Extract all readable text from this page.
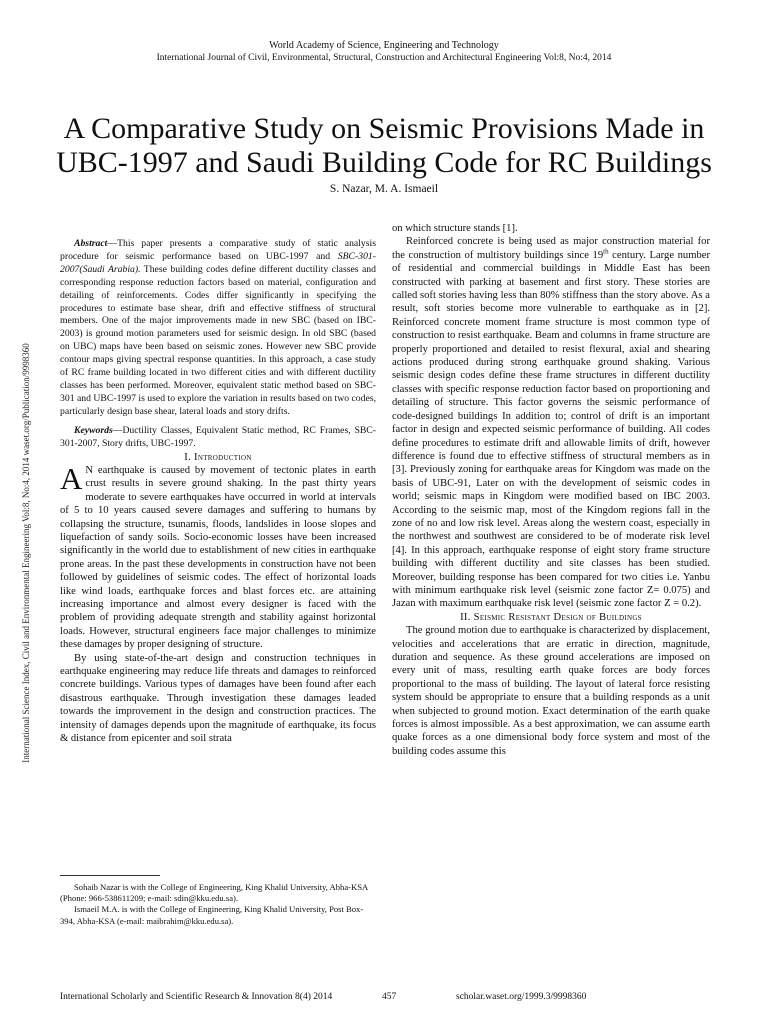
World Academy of Science, Engineering and Technology
International Journal of Civil, Environmental, Structural, Construction and Architectural Engineering Vol:8, No:4, 2014
A Comparative Study on Seismic Provisions Made in UBC-1997 and Saudi Building Code for RC Buildings
S. Nazar, M. A. Ismaeil
International Science Index, Civil and Environmental Engineering Vol:8, No:4, 2014 waset.org/Publication/9998360

Abstract—This paper presents a comparative study of static analysis procedure for seismic performance based on UBC-1997 and SBC-301-2007(Saudi Arabia). These building codes define different ductility classes and corresponding response reduction factors based on material, configuration and detailing of reinforcements. Codes differ significantly in specifying the procedures to estimate base shear, drift and effective stiffness of structural members. One of the major improvements made in new SBC (based on IBC-2003) is ground motion parameters used for seismic design. In old SBC (based on UBC) maps have been based on seismic zones. However new SBC provide contour maps giving spectral response quantities. In this approach, a case study of RC frame building located in two different cities and with different ductility classes has been performed. Moreover, equivalent static method based on SBC-301 and UBC-1997 is used to explore the variation in results based on two codes, particularly design base shear, lateral loads and story drifts.

Keywords—Ductility Classes, Equivalent Static method, RC Frames, SBC-301-2007, Story drifts, UBC-1997.

I. Introduction

A N earthquake is caused by movement of tectonic plates in earth crust results in severe ground shaking. In the past thirty years moderate to severe earthquakes have occurred in world at intervals of 5 to 10 years caused severe damages and suffering to humans by collapsing the structure, tsunamis, floods, landslides in loose slopes and liquefaction of sandy soils. Socio-economic losses have been increased significantly in the world due to establishment of new cities in earthquake prone areas. In the past these developments in construction have not been followed by guidelines of seismic codes. The effect of horizontal loads like wind loads, earthquake forces and blast forces etc. are attaining increasing importance and almost every designer is faced with the problem of providing adequate strength and stability against horizontal loads. However, structural engineers face major challenges to minimize these damages by proper designing of structure.

By using state-of-the-art design and construction techniques in earthquake engineering may reduce life threats and damages to reinforced concrete buildings. Various types of damages have been found after each disastrous earthquake. Through investigation these damages leaded towards the improvement in the design and construction practices. The intensity of damages depends upon the magnitude of earthquake, its focus & distance from epicenter and soil strata

Sohaib Nazar is with the College of Engineering, King Khalid University, Abha-KSA (Phone: 966-538611209; e-mail: sdin@kku.edu.sa).
Ismaeil M.A. is with the College of Engineering, King Khalid University, Post Box-394, Abha-KSA (e-mail: maibrahim@kku.edu.sa).

on which structure stands [1].

Reinforced concrete is being used as major construction material for the construction of multistory buildings since 19th century. Large number of residential and commercial buildings in Middle East has been constructed with parking at basement and first story. These stories are called soft stories having less than 80% stiffness than the story above. As a result, soft stories become more vulnerable to earthquake as in [2]. Reinforced concrete moment frame structure is most common type of construction to resist earthquake. Beam and columns in frame structure are properly proportioned and detailed to resist flexural, axial and shearing actions produced during strong earthquake ground shaking. Various seismic design codes define these frame structures in different ductility classes with specific response reduction factor based on proportioning and detailing of structure. This factor governs the seismic performance of code-designed buildings In addition to; control of drift is an important factor in design and expected seismic performance of building. All codes define procedures to estimate drift and allowable limits of drift, however difference is found due to effective stiffness of structural members as in [3]. Previously zoning for earthquake areas for Kingdom was made on the basis of UBC-91, Later on with the development of seismic codes in world; seismic maps in Kingdom were modified based on IBC 2003. According to the seismic map, most of the Kingdom regions fall in the zone of no and low risk level. Areas along the western coast, especially in the northwest and southwest are considered to be of moderate risk level [4]. In this approach, earthquake response of eight story frame structure building with different ductility and site classes has been studied. Moreover, building response has been compared for two cities i.e. Yanbu with minimum earthquake risk level (seismic zone factor Z= 0.075) and Jazan with maximum earthquake risk level (seismic zone factor Z = 0.2).

II. Seismic Resistant Design of Buildings

The ground motion due to earthquake is characterized by displacement, velocities and accelerations that are erratic in direction, magnitude, duration and sequence. As these ground accelerations are imposed on every unit of mass, resulting earth quake forces are body forces proportional to the mass of building. The layout of lateral force resisting system should be appropriate to ensure that a building responds as a unit when subjected to ground motion. Exact determination of the earth quake forces is almost impossible. As a best approximation, we can assume earth quake forces as a one dimensional body force system and most of the building codes assume this

International Scholarly and Scientific Research & Innovation 8(4) 2014	457	scholar.waset.org/1999.3/9998360
